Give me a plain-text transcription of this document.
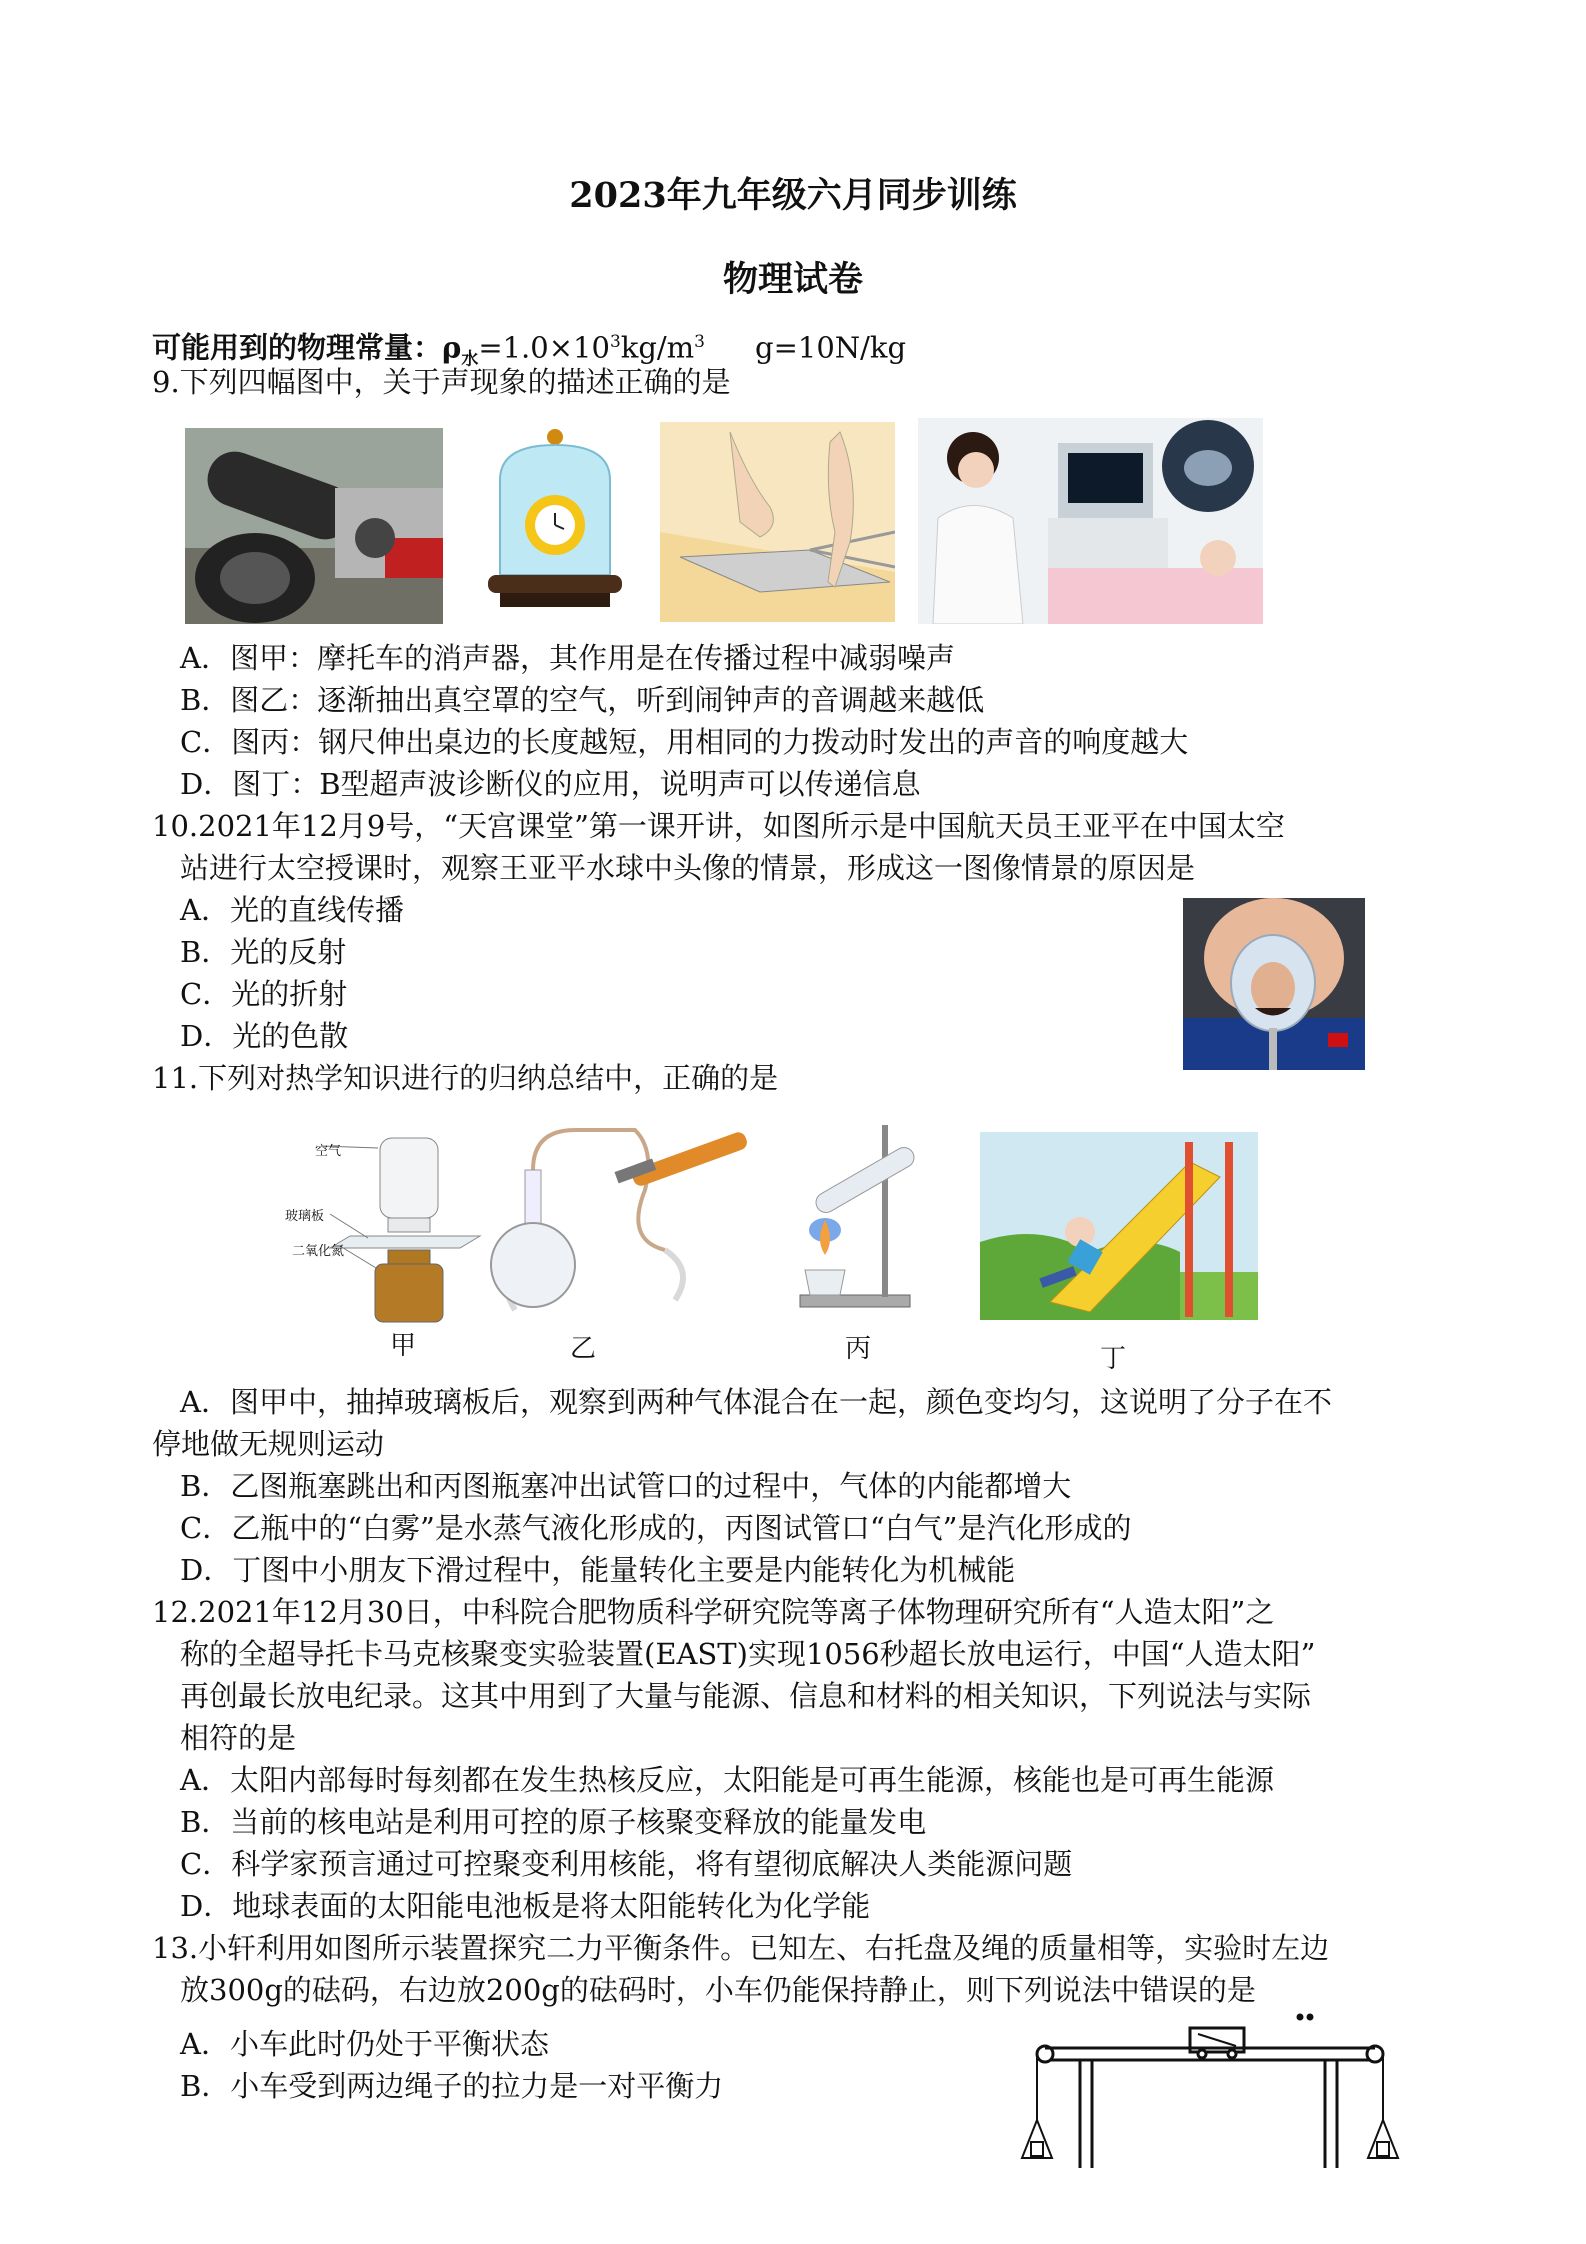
2023年九年级六月同步训练
物理试卷
可能用到的物理常量：$\rho_水=1.0\times 10^3kg/m^3$ g=10N/kg
9.下列四幅图中，关于声现象的描述正确的是
A．图甲：摩托车的消声器，其作用是在传播过程中减弱噪声
B．图乙：逐渐抽出真空罩的空气，听到闹钟声的音调越来越低
C．图丙：钢尺伸出桌边的长度越短，用相同的力拨动时发出的声音的响度越大
D．图丁：B型超声波诊断仪的应用，说明声可以传递信息
10.2021年12月9号，“天宫课堂”第一课开讲，如图所示是中国航天员王亚平在中国太空
站进行太空授课时，观察王亚平水球中头像的情景，形成这一图像情景的原因是
A．光的直线传播
B．光的反射
C．光的折射
D．光的色散
11.下列对热学知识进行的归纳总结中，正确的是
空气
玻璃板
二氧化氮
甲	乙	丙	丁
A．图甲中，抽掉玻璃板后，观察到两种气体混合在一起，颜色变均匀，这说明了分子在不
停地做无规则运动
B．乙图瓶塞跳出和丙图瓶塞冲出试管口的过程中，气体的内能都增大
C．乙瓶中的“白雾”是水蒸气液化形成的，丙图试管口“白气”是汽化形成的
D．丁图中小朋友下滑过程中，能量转化主要是内能转化为机械能
12.2021年12月30日，中科院合肥物质科学研究院等离子体物理研究所有“人造太阳”之
称的全超导托卡马克核聚变实验装置(EAST)实现1056秒超长放电运行，中国“人造太阳”
再创最长放电纪录。这其中用到了大量与能源、信息和材料的相关知识，下列说法与实际
相符的是
A．太阳内部每时每刻都在发生热核反应，太阳能是可再生能源，核能也是可再生能源
B．当前的核电站是利用可控的原子核聚变释放的能量发电
C．科学家预言通过可控聚变利用核能，将有望彻底解决人类能源问题
D．地球表面的太阳能电池板是将太阳能转化为化学能
13.小轩利用如图所示装置探究二力平衡条件。已知左、右托盘及绳的质量相等，实验时左边
放300g的砝码，右边放200g的砝码时，小车仍能保持静止，则下列说法中错误的是
A．小车此时仍处于平衡状态
B．小车受到两边绳子的拉力是一对平衡力
